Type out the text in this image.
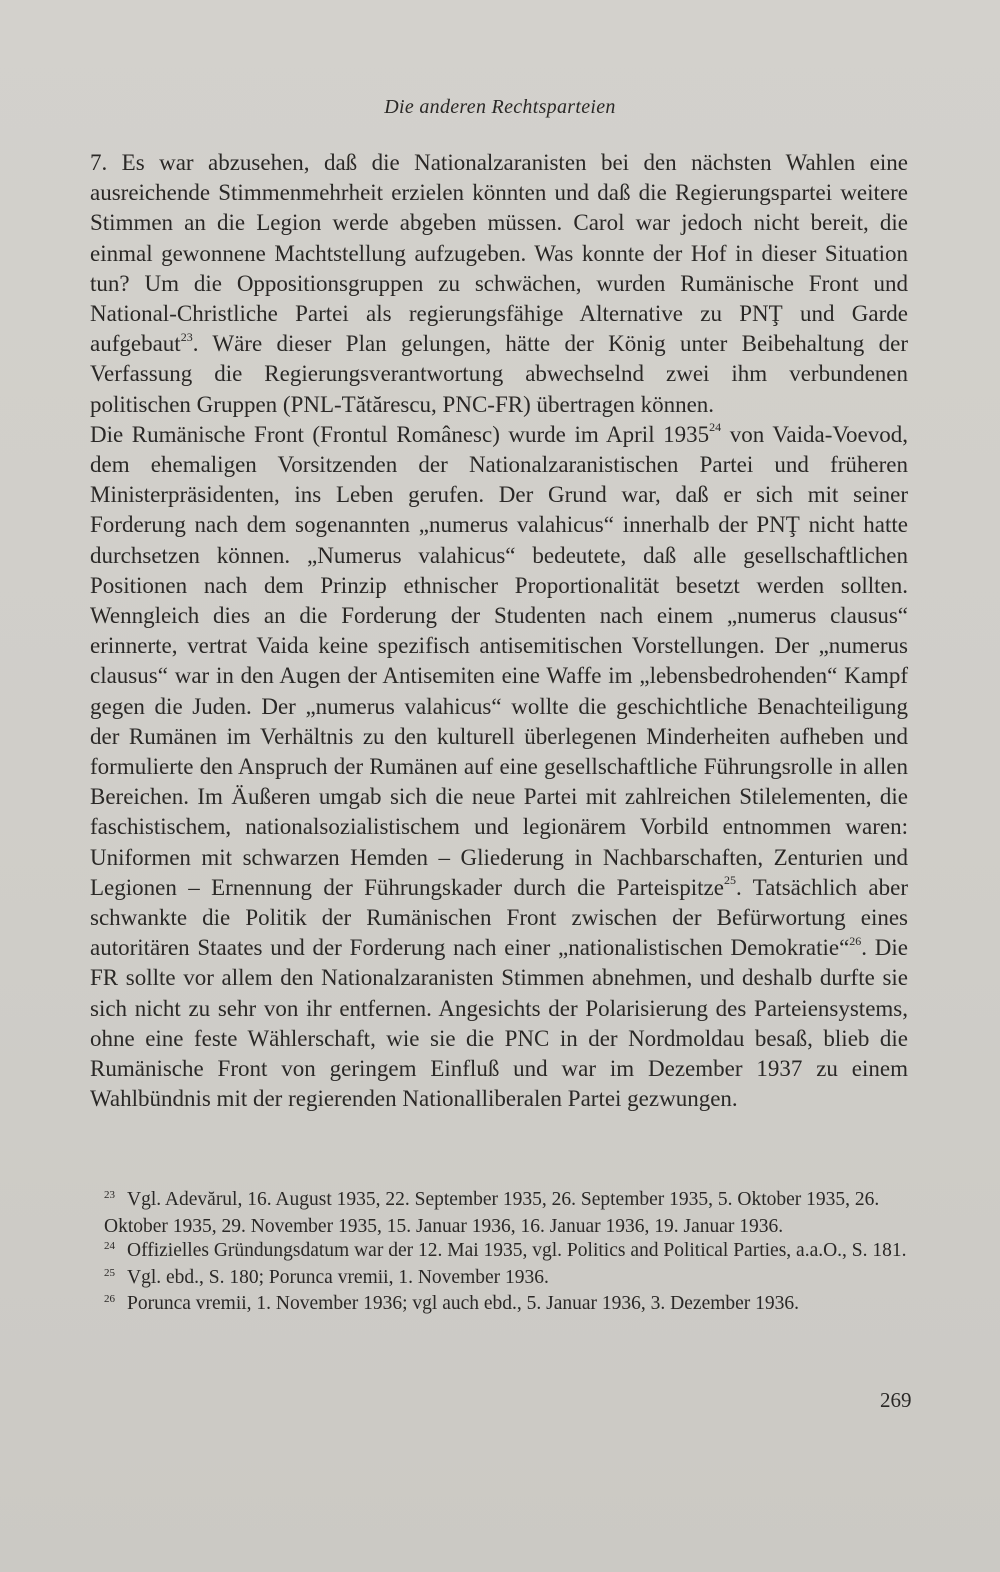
Die anderen Rechtsparteien

7. Es war abzusehen, daß die Nationalzaranisten bei den nächsten Wahlen eine ausreichende Stimmenmehrheit erzielen könnten und daß die Regierungspartei weitere Stimmen an die Legion werde abgeben müssen. Carol war jedoch nicht bereit, die einmal gewonnene Machtstellung aufzugeben. Was konnte der Hof in dieser Situation tun? Um die Oppositionsgruppen zu schwächen, wurden Rumänische Front und National-Christliche Partei als regierungsfähige Alternative zu PNŢ und Garde aufgebaut$^{23}$. Wäre dieser Plan gelungen, hätte der König unter Beibehaltung der Verfassung die Regierungsverantwortung abwechselnd zwei ihm verbundenen politischen Gruppen (PNL-Tătărescu, PNC-FR) übertragen können.

Die Rumänische Front (Frontul Românesc) wurde im April 1935$^{24}$ von Vaida-Voevod, dem ehemaligen Vorsitzenden der Nationalzaranistischen Partei und früheren Ministerpräsidenten, ins Leben gerufen. Der Grund war, daß er sich mit seiner Forderung nach dem sogenannten „numerus valahicus“ innerhalb der PNŢ nicht hatte durchsetzen können. „Numerus valahicus“ bedeutete, daß alle gesellschaftlichen Positionen nach dem Prinzip ethnischer Proportionalität besetzt werden sollten. Wenngleich dies an die Forderung der Studenten nach einem „numerus clausus“ erinnerte, vertrat Vaida keine spezifisch antisemitischen Vorstellungen. Der „numerus clausus“ war in den Augen der Antisemiten eine Waffe im „lebensbedrohenden“ Kampf gegen die Juden. Der „numerus valahicus“ wollte die geschichtliche Benachteiligung der Rumänen im Verhältnis zu den kulturell überlegenen Minderheiten aufheben und formulierte den Anspruch der Rumänen auf eine gesellschaftliche Führungsrolle in allen Bereichen. Im Äußeren umgab sich die neue Partei mit zahlreichen Stilelementen, die faschistischem, nationalsozialistischem und legionärem Vorbild entnommen waren: Uniformen mit schwarzen Hemden – Gliederung in Nachbarschaften, Zenturien und Legionen – Ernennung der Führungskader durch die Parteispitze$^{25}$. Tatsächlich aber schwankte die Politik der Rumänischen Front zwischen der Befürwortung eines autoritären Staates und der Forderung nach einer „nationalistischen Demokratie“$^{26}$. Die FR sollte vor allem den Nationalzaranisten Stimmen abnehmen, und deshalb durfte sie sich nicht zu sehr von ihr entfernen. Angesichts der Polarisierung des Parteiensystems, ohne eine feste Wählerschaft, wie sie die PNC in der Nordmoldau besaß, blieb die Rumänische Front von geringem Einfluß und war im Dezember 1937 zu einem Wahlbündnis mit der regierenden Nationalliberalen Partei gezwungen.

$^{23}$ Vgl. Adevărul, 16. August 1935, 22. September 1935, 26. September 1935, 5. Oktober 1935, 26. Oktober 1935, 29. November 1935, 15. Januar 1936, 16. Januar 1936, 19. Januar 1936.

$^{24}$ Offizielles Gründungsdatum war der 12. Mai 1935, vgl. Politics and Political Parties, a.a.O., S. 181.

$^{25}$ Vgl. ebd., S. 180; Porunca vremii, 1. November 1936.

$^{26}$ Porunca vremii, 1. November 1936; vgl auch ebd., 5. Januar 1936, 3. Dezember 1936.

269
